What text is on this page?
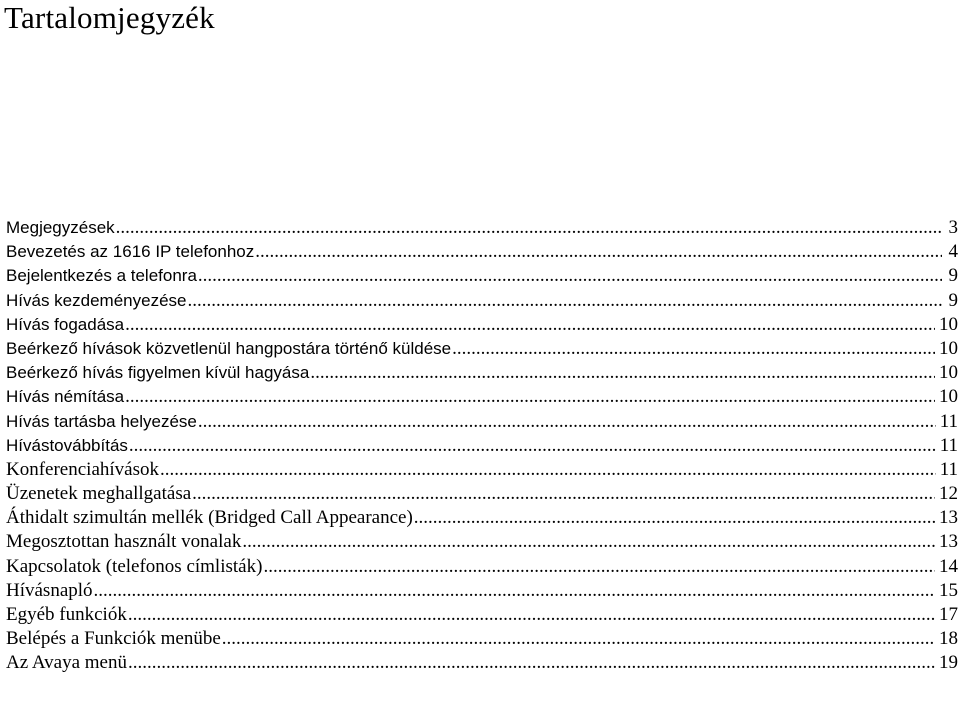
Tartalomjegyzék
Megjegyzések .....	3
Bevezetés az 1616 IP telefonhoz .....	4
Bejelentkezés a telefonra .....	9
Hívás kezdeményezése .....	9
Hívás fogadása .....	10
Beérkező hívások közvetlenül hangpostára történő küldése .....	10
Beérkező hívás figyelmen kívül hagyása .....	10
Hívás némítása .....	10
Hívás tartásba helyezése .....	11
Hívástovábbítás .....	11
Konferenciahívások .....	11
Üzenetek meghallgatása .....	12
Áthidalt szimultán mellék (Bridged Call Appearance) .....	13
Megosztottan használt vonalak .....	13
Kapcsolatok (telefonos címlisták) .....	14
Hívásnapló .....	15
Egyéb funkciók .....	17
Belépés a Funkciók menübe .....	18
Az Avaya menü .....	19
